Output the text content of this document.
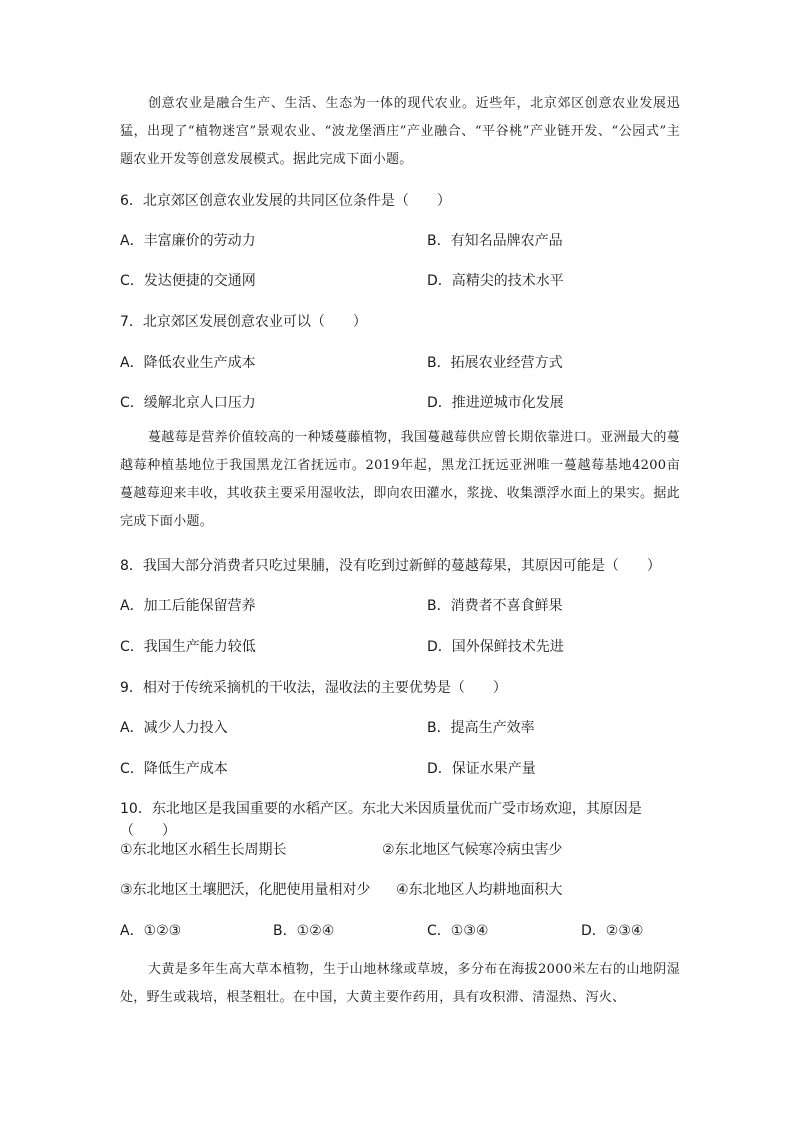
创意农业是融合生产、生活、生态为一体的现代农业。近些年，北京郊区创意农业发展迅猛，出现了“植物迷宫”景观农业、“波龙堡酒庄”产业融合、“平谷桃”产业链开发、“公园式”主题农业开发等创意发展模式。据此完成下面小题。
6．北京郊区创意农业发展的共同区位条件是（　　）
A．丰富廉价的劳动力	B．有知名品牌农产品
C．发达便捷的交通网	D．高精尖的技术水平
7．北京郊区发展创意农业可以（　　）
A．降低农业生产成本	B．拓展农业经营方式
C．缓解北京人口压力	D．推进逆城市化发展
蔓越莓是营养价值较高的一种矮蔓藤植物，我国蔓越莓供应曾长期依靠进口。亚洲最大的蔓越莓种植基地位于我国黑龙江省抚远市。2019年起，黑龙江抚远亚洲唯一蔓越莓基地4200亩蔓越莓迎来丰收，其收获主要采用湿收法，即向农田灌水，浆拢、收集漂浮水面上的果实。据此完成下面小题。
8．我国大部分消费者只吃过果脯，没有吃到过新鲜的蔓越莓果，其原因可能是（　　）
A．加工后能保留营养	B．消费者不喜食鲜果
C．我国生产能力较低	D．国外保鲜技术先进
9．相对于传统采摘机的干收法，湿收法的主要优势是（　　）
A．减少人力投入	B．提高生产效率
C．降低生产成本	D．保证水果产量
10．东北地区是我国重要的水稻产区。东北大米因质量优而广受市场欢迎，其原因是（　　）
①东北地区水稻生长周期长	②东北地区气候寒冷病虫害少
③东北地区土壤肥沃，化肥使用量相对少 ④东北地区人均耕地面积大
A．①②③	B．①②④	C．①③④	D．②③④
大黄是多年生高大草本植物，生于山地林缘或草坡，多分布在海拔2000米左右的山地阴湿处，野生或栽培，根茎粗壮。在中国，大黄主要作药用，具有攻积滞、清湿热、泻火、
